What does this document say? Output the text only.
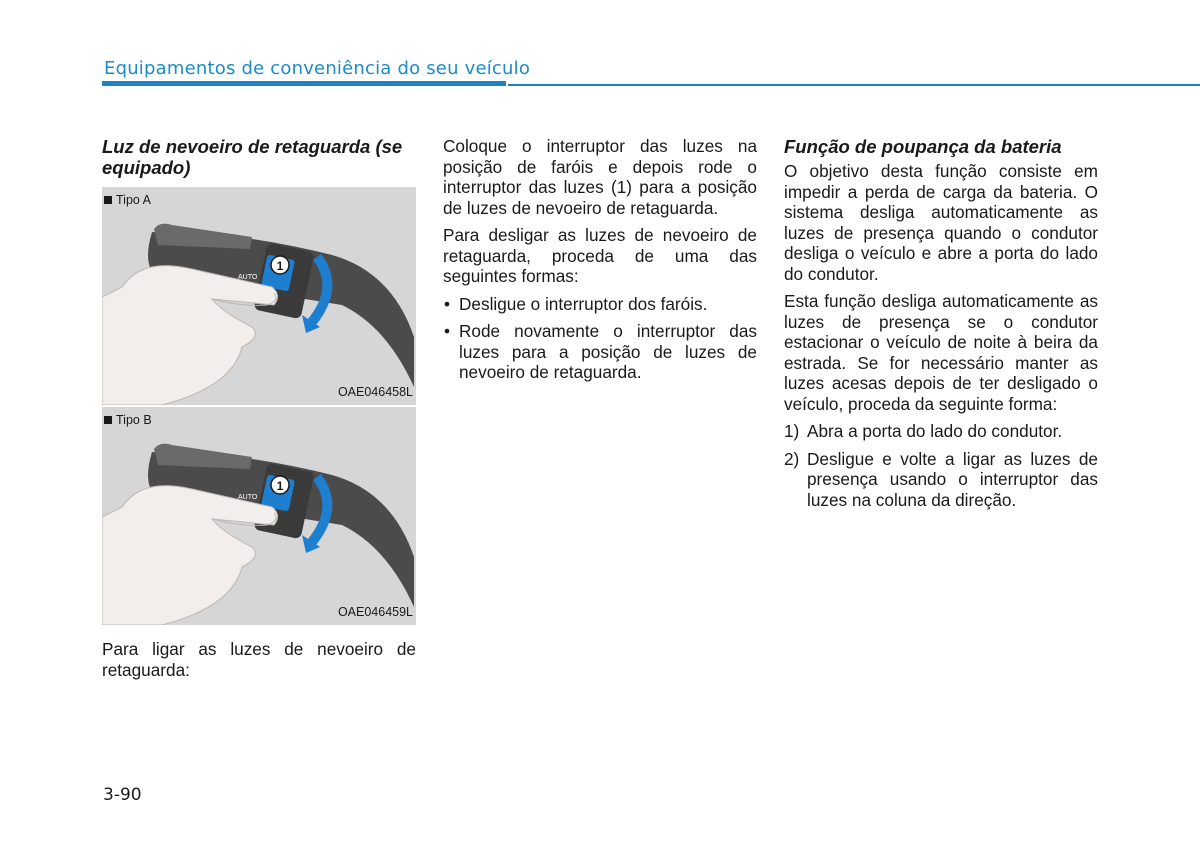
Equipamentos de conveniência do seu veículo
Luz de nevoeiro de retaguarda (se equipado)
1
AUTO
Tipo A
OAE046458L
1
AUTO
Tipo B
OAE046459L

Para ligar as luzes de nevoeiro de retaguarda:

Coloque o interruptor das luzes na posição de faróis e depois rode o interruptor das luzes (1) para a posição de luzes de nevoeiro de retaguarda.

Para desligar as luzes de nevoeiro de retaguarda, proceda de uma das seguintes formas:

• Desligue o interruptor dos faróis.
• Rode novamente o interruptor das luzes para a posição de luzes de nevoeiro de retaguarda.
Função de poupança da bateria

O objetivo desta função consiste em impedir a perda de carga da bateria. O sistema desliga automaticamente as luzes de presença quando o condutor desliga o veículo e abre a porta do lado do condutor.

Esta função desliga automaticamente as luzes de presença se o condutor estacionar o veículo de noite à beira da estrada. Se for necessário manter as luzes acesas depois de ter desligado o veículo, proceda da seguinte forma:

1) Abra a porta do lado do condutor.
2) Desligue e volte a ligar as luzes de presença usando o interruptor das luzes na coluna da direção.
3-90
